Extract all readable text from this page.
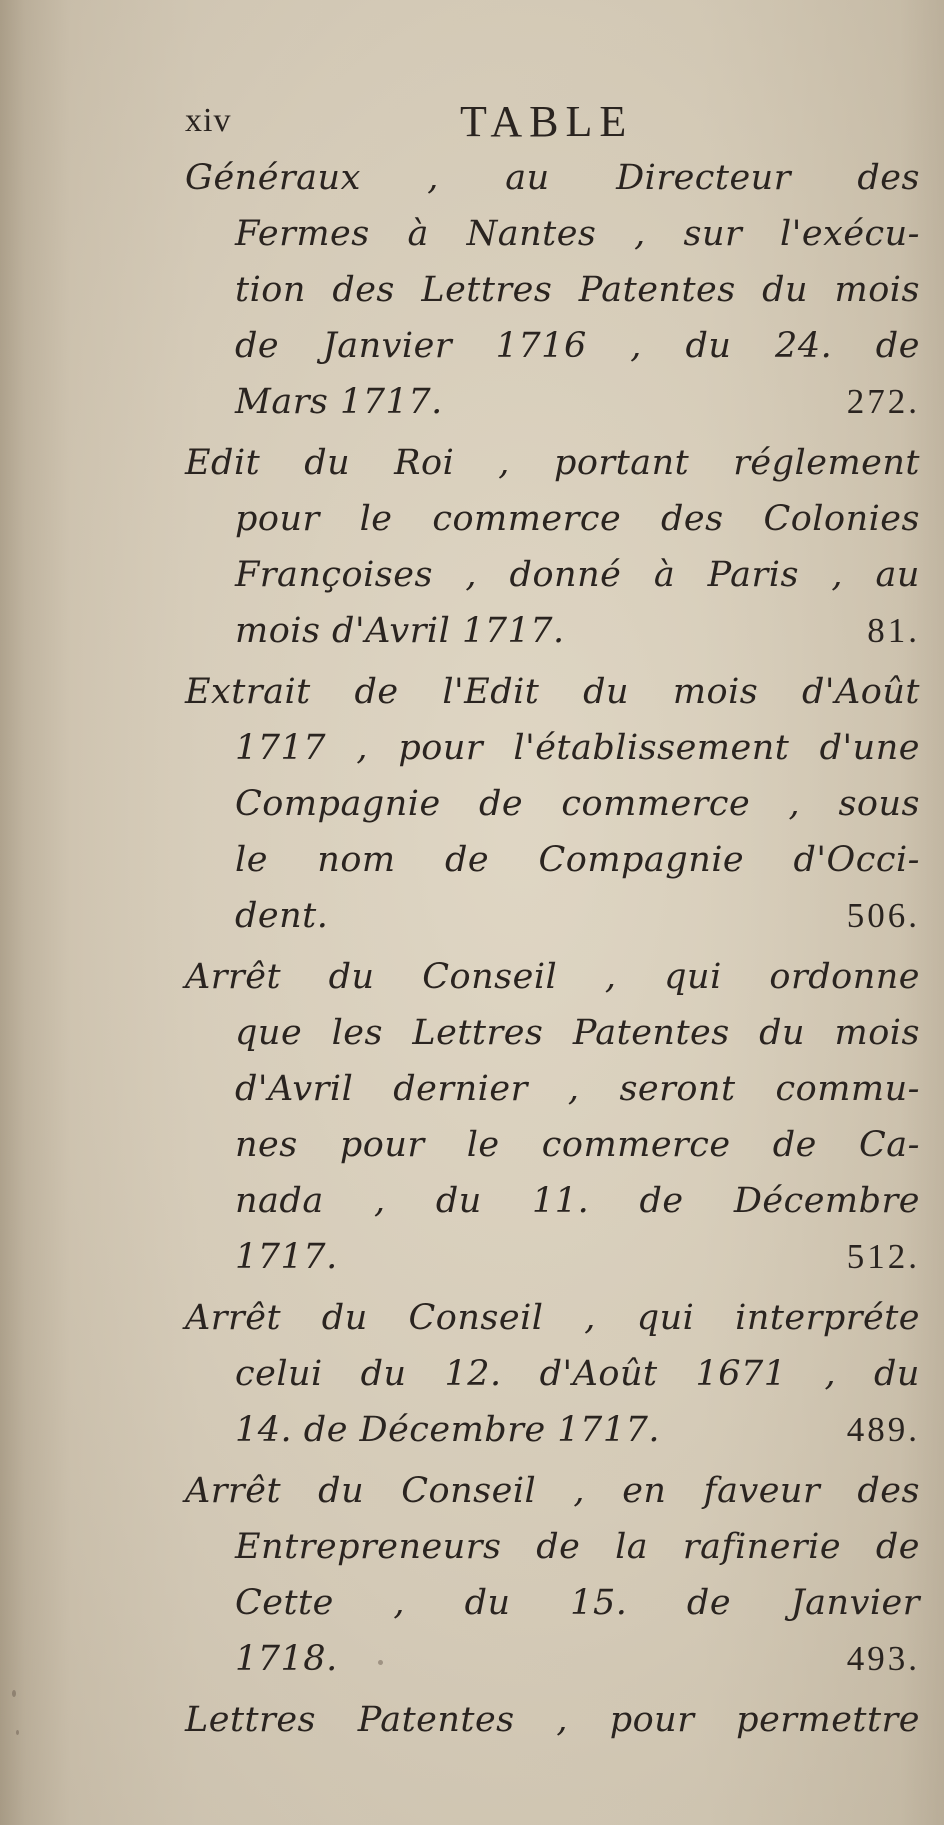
xiv	TABLE
Généraux , au Directeur des
Fermes à Nantes , sur l'exécu-
tion des Lettres Patentes du mois
de Janvier 1716 , du 24. de
Mars 1717.	272.
Edit du Roi , portant réglement
pour le commerce des Colonies
Françoises , donné à Paris , au
mois d'Avril 1717.	81.
Extrait de l'Edit du mois d'Août
1717 , pour l'établissement d'une
Compagnie de commerce , sous
le nom de Compagnie d'Occi-
dent.	506.
Arrêt du Conseil , qui ordonne
que les Lettres Patentes du mois
d'Avril dernier , seront commu-
nes pour le commerce de Ca-
nada , du 11. de Décembre
1717.	512.
Arrêt du Conseil , qui interpréte
celui du 12. d'Août 1671 , du
14. de Décembre 1717.	489.
Arrêt du Conseil , en faveur des
Entrepreneurs de la rafinerie de
Cette , du 15. de Janvier
1718.	493.
Lettres Patentes , pour permettre
